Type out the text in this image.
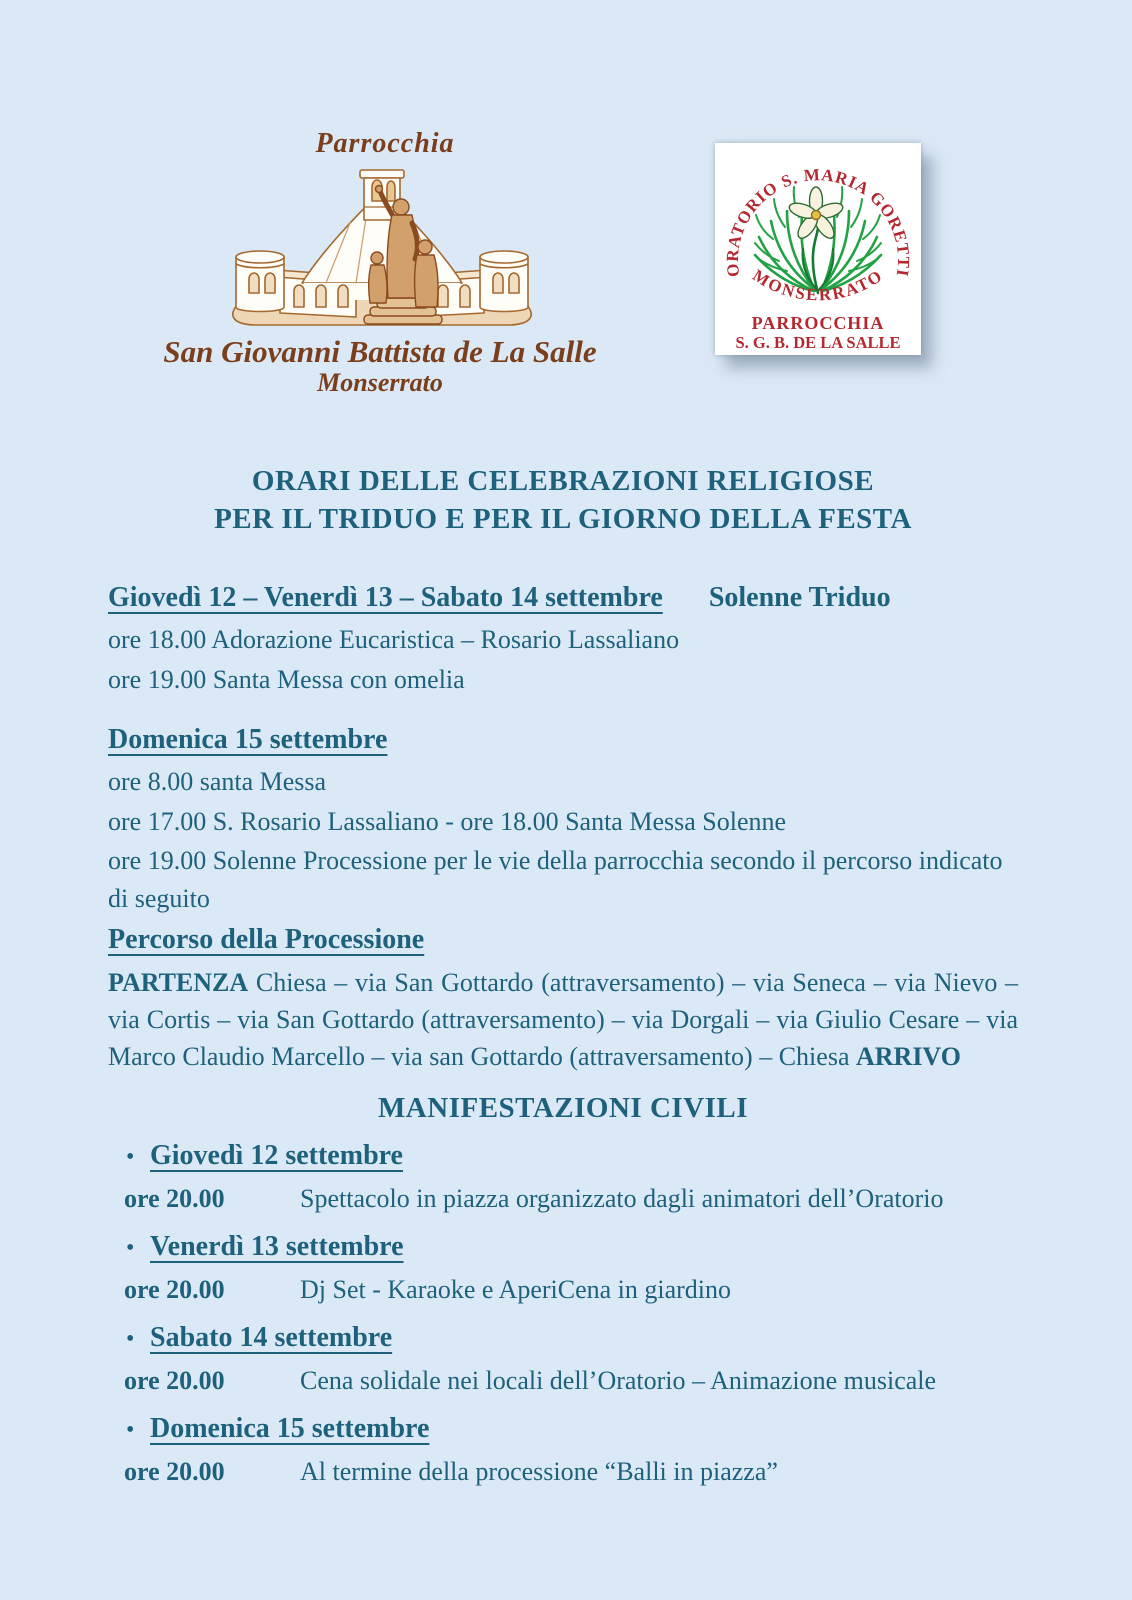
Parrocchia
San Giovanni Battista de La Salle
Monserrato
ORATORIO S. MARIA GORETTI
MONSERRATO
PARROCCHIA
S. G. B. DE LA SALLE
ORARI DELLE CELEBRAZIONI RELIGIOSE
PER IL TRIDUO E PER IL GIORNO DELLA FESTA
Giovedì 12 – Venerdì 13 – Sabato 14 settembre Solenne Triduo
ore 18.00 Adorazione Eucaristica – Rosario Lassaliano
ore 19.00 Santa Messa con omelia
Domenica 15 settembre
ore 8.00 santa Messa
ore 17.00 S. Rosario Lassaliano - ore 18.00 Santa Messa Solenne
ore 19.00 Solenne Processione per le vie della parrocchia secondo il percorso indicato di seguito
Percorso della Processione

PARTENZA Chiesa – via San Gottardo (attraversamento) – via Seneca – via Nievo – via Cortis – via San Gottardo (attraversamento) – via Dorgali – via Giulio Cesare – via Marco Claudio Marcello – via san Gottardo (attraversamento) – Chiesa ARRIVO

MANIFESTAZIONI CIVILI
• Giovedì 12 settembre
ore 20.00	Spettacolo in piazza organizzato dagli animatori dell’Oratorio
• Venerdì 13 settembre
ore 20.00	Dj Set - Karaoke e AperiCena in giardino
• Sabato 14 settembre
ore 20.00	Cena solidale nei locali dell’Oratorio – Animazione musicale
• Domenica 15 settembre
ore 20.00	Al termine della processione “Balli in piazza”
